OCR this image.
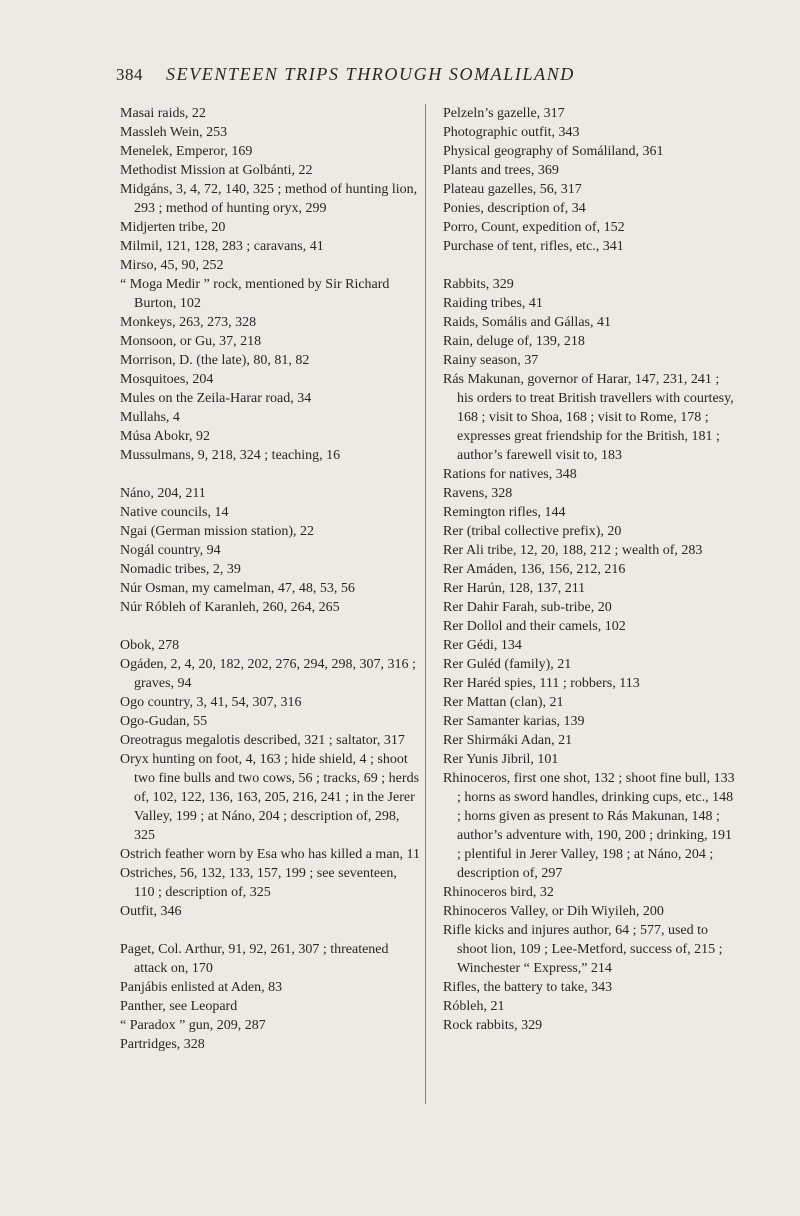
384 SEVENTEEN TRIPS THROUGH SOMALILAND
Masai raids, 22
Massleh Wein, 253
Menelek, Emperor, 169
Methodist Mission at Golbánti, 22
Midgáns, 3, 4, 72, 140, 325 ; method of hunting lion, 293 ; method of hunting oryx, 299
Midjerten tribe, 20
Milmil, 121, 128, 283 ; caravans, 41
Mirso, 45, 90, 252
“ Moga Medir ” rock, mentioned by Sir Richard Burton, 102
Monkeys, 263, 273, 328
Monsoon, or Gu, 37, 218
Morrison, D. (the late), 80, 81, 82
Mosquitoes, 204
Mules on the Zeila-Harar road, 34
Mullahs, 4
Músa Abokr, 92
Mussulmans, 9, 218, 324 ; teaching, 16
Náno, 204, 211
Native councils, 14
Ngai (German mission station), 22
Nogál country, 94
Nomadic tribes, 2, 39
Núr Osman, my camelman, 47, 48, 53, 56
Núr Róbleh of Karanleh, 260, 264, 265
Obok, 278
Ogáden, 2, 4, 20, 182, 202, 276, 294, 298, 307, 316 ; graves, 94
Ogo country, 3, 41, 54, 307, 316
Ogo-Gudan, 55
Oreotragus megalotis described, 321 ; saltator, 317
Oryx hunting on foot, 4, 163 ; hide shield, 4 ; shoot two fine bulls and two cows, 56 ; tracks, 69 ; herds of, 102, 122, 136, 163, 205, 216, 241 ; in the Jerer Valley, 199 ; at Náno, 204 ; description of, 298, 325
Ostrich feather worn by Esa who has killed a man, 11
Ostriches, 56, 132, 133, 157, 199 ; see seventeen, 110 ; description of, 325
Outfit, 346
Paget, Col. Arthur, 91, 92, 261, 307 ; threatened attack on, 170
Panjábis enlisted at Aden, 83
Panther, see Leopard
“ Paradox ” gun, 209, 287
Partridges, 328
Pelzeln’s gazelle, 317
Photographic outfit, 343
Physical geography of Somáliland, 361
Plants and trees, 369
Plateau gazelles, 56, 317
Ponies, description of, 34
Porro, Count, expedition of, 152
Purchase of tent, rifles, etc., 341
Rabbits, 329
Raiding tribes, 41
Raids, Somális and Gállas, 41
Rain, deluge of, 139, 218
Rainy season, 37
Rás Makunan, governor of Harar, 147, 231, 241 ; his orders to treat British travellers with courtesy, 168 ; visit to Shoa, 168 ; visit to Rome, 178 ; expresses great friendship for the British, 181 ; author’s farewell visit to, 183
Rations for natives, 348
Ravens, 328
Remington rifles, 144
Rer (tribal collective prefix), 20
Rer Ali tribe, 12, 20, 188, 212 ; wealth of, 283
Rer Amáden, 136, 156, 212, 216
Rer Harún, 128, 137, 211
Rer Dahir Farah, sub-tribe, 20
Rer Dollol and their camels, 102
Rer Gédi, 134
Rer Guléd (family), 21
Rer Haréd spies, 111 ; robbers, 113
Rer Mattan (clan), 21
Rer Samanter karias, 139
Rer Shirmáki Adan, 21
Rer Yunis Jibril, 101
Rhinoceros, first one shot, 132 ; shoot fine bull, 133 ; horns as sword handles, drinking cups, etc., 148 ; horns given as present to Rás Makunan, 148 ; author’s adventure with, 190, 200 ; drinking, 191 ; plentiful in Jerer Valley, 198 ; at Náno, 204 ; description of, 297
Rhinoceros bird, 32
Rhinoceros Valley, or Dih Wiyileh, 200
Rifle kicks and injures author, 64 ; 577, used to shoot lion, 109 ; Lee-Metford, success of, 215 ; Winchester “ Express,” 214
Rifles, the battery to take, 343
Róbleh, 21
Rock rabbits, 329
